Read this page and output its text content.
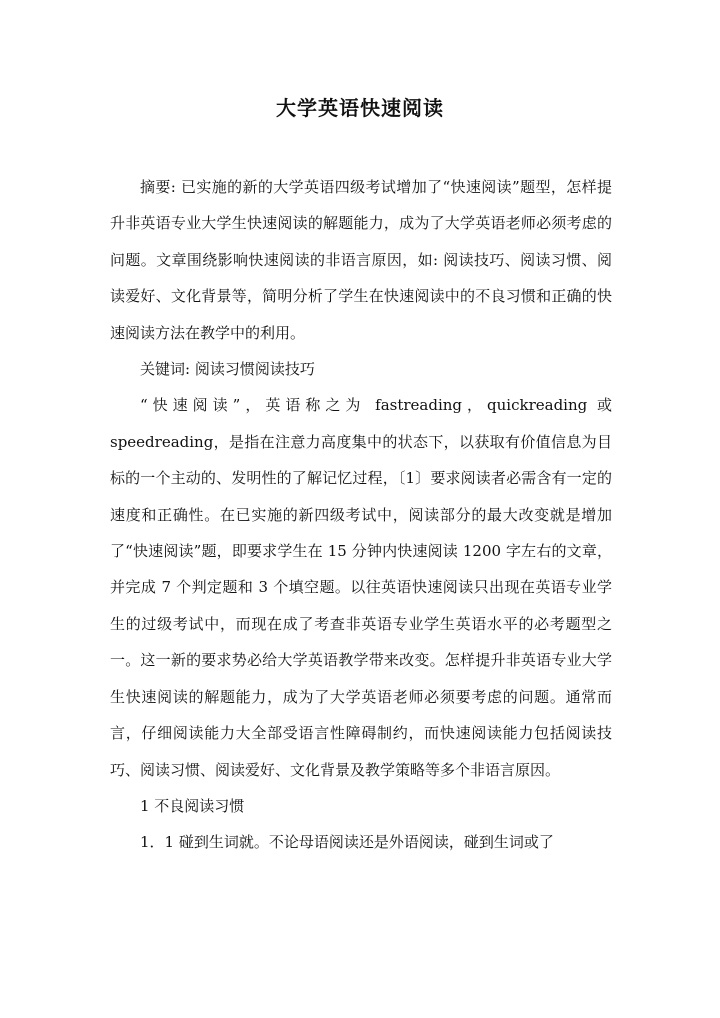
大学英语快速阅读

摘要: 已实施的新的大学英语四级考试增加了“快速阅读”题型，怎样提升非英语专业大学生快速阅读的解题能力，成为了大学英语老师必须考虑的问题。文章围绕影响快速阅读的非语言原因，如: 阅读技巧、阅读习惯、阅读爱好、文化背景等，简明分析了学生在快速阅读中的不良习惯和正确的快速阅读方法在教学中的利用。

关键词: 阅读习惯阅读技巧

“快速阅读”，英语称之为 fastreading，quickreading 或 speedreading，是指在注意力高度集中的状态下，以获取有价值信息为目标的一个主动的、发明性的了解记忆过程，〔1〕要求阅读者必需含有一定的速度和正确性。在已实施的新四级考试中，阅读部分的最大改变就是增加了“快速阅读”题，即要求学生在 15 分钟内快速阅读 1200 字左右的文章，并完成 7 个判定题和 3 个填空题。以往英语快速阅读只出现在英语专业学生的过级考试中，而现在成了考查非英语专业学生英语水平的必考题型之一。这一新的要求势必给大学英语教学带来改变。怎样提升非英语专业大学生快速阅读的解题能力，成为了大学英语老师必须要考虑的问题。通常而言，仔细阅读能力大全部受语言性障碍制约，而快速阅读能力包括阅读技巧、阅读习惯、阅读爱好、文化背景及教学策略等多个非语言原因。

1 不良阅读习惯

1．1 碰到生词就。不论母语阅读还是外语阅读，碰到生词或了
